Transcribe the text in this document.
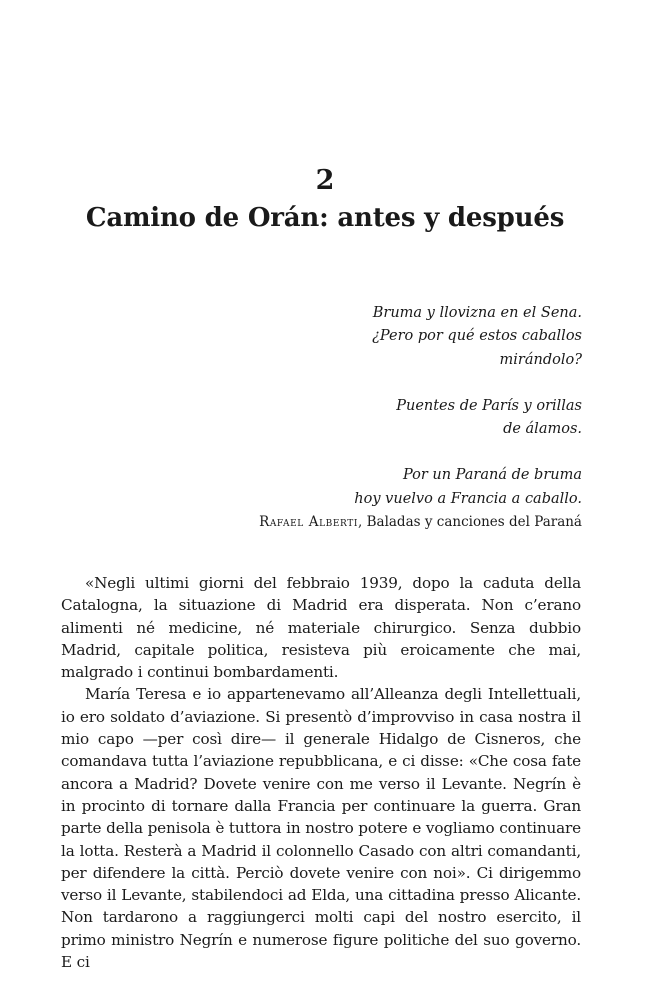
2
Camino de Orán: antes y después
Bruma y llovizna en el Sena.
¿Pero por qué estos caballos
mirándolo?
Puentes de París y orillas
de álamos.
Por un Paraná de bruma
hoy vuelvo a Francia a caballo.
Rafael Alberti, Baladas y canciones del Paraná

«Negli ultimi giorni del febbraio 1939, dopo la caduta della Catalogna, la situazione di Madrid era disperata. Non c’erano alimenti né medicine, né materiale chirurgico. Senza dubbio Madrid, capitale politica, resisteva più eroicamente che mai, malgrado i continui bombardamenti.

María Teresa e io appartenevamo all’Alleanza degli Intellettuali, io ero soldato d’aviazione. Si presentò d’improvviso in casa nostra il mio capo —per così dire— il generale Hidalgo de Cisneros, che comandava tutta l’aviazione repubblicana, e ci disse: «Che cosa fate ancora a Madrid? Dovete venire con me verso il Levante. Negrín è in procinto di tornare dalla Francia per continuare la guerra. Gran parte della penisola è tuttora in nostro potere e vogliamo continuare la lotta. Resterà a Madrid il colonnello Casado con altri comandanti, per difendere la città. Perciò dovete venire con noi». Ci dirigemmo verso il Levante, stabilendoci ad Elda, una cittadina presso Alicante. Non tardarono a raggiungerci molti capi del nostro esercito, il primo ministro Negrín e numerose figure politiche del suo governo. E ci
